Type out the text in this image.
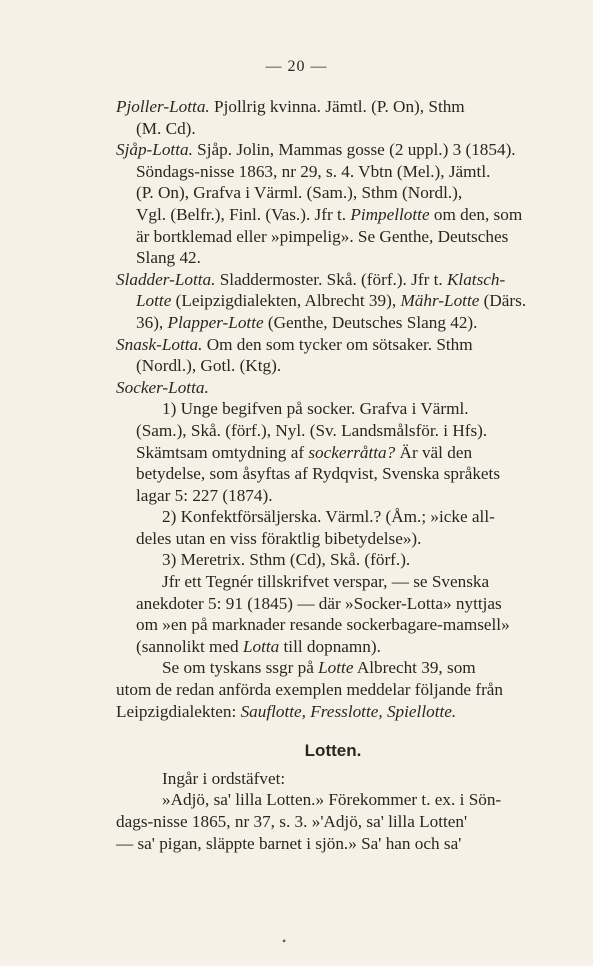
— 20 —
Pjoller-Lotta. Pjollrig kvinna. Jämtl. (P. On), Sthm
(M. Cd).
Sjåp-Lotta. Sjåp. Jolin, Mammas gosse (2 uppl.) 3 (1854).
Söndags-nisse 1863, nr 29, s. 4. Vbtn (Mel.), Jämtl.
(P. On), Grafva i Värml. (Sam.), Sthm (Nordl.),
Vgl. (Belfr.), Finl. (Vas.). Jfr t. Pimpellotte om den, som
är bortklemad eller »pimpelig». Se Genthe, Deutsches
Slang 42.
Sladder-Lotta. Sladdermoster. Skå. (förf.). Jfr t. Klatsch-
Lotte (Leipzigdialekten, Albrecht 39), Mähr-Lotte (Därs.
36), Plapper-Lotte (Genthe, Deutsches Slang 42).
Snask-Lotta. Om den som tycker om sötsaker. Sthm
(Nordl.), Gotl. (Ktg).
Socker-Lotta.
1) Unge begifven på socker. Grafva i Värml.
(Sam.), Skå. (förf.), Nyl. (Sv. Landsmålsför. i Hfs).
Skämtsam omtydning af sockerråtta? Är väl den
betydelse, som åsyftas af Rydqvist, Svenska språkets
lagar 5: 227 (1874).
2) Konfektförsäljerska. Värml.? (Åm.; »icke all-
deles utan en viss föraktlig bibetydelse»).
3) Meretrix. Sthm (Cd), Skå. (förf.).
Jfr ett Tegnér tillskrifvet verspar, — se Svenska
anekdoter 5: 91 (1845) — där »Socker-Lotta» nyttjas
om »en på marknader resande sockerbagare-mamsell»
(sannolikt med Lotta till dopnamn).
Se om tyskans ssgr på Lotte Albrecht 39, som
utom de redan anförda exemplen meddelar följande från
Leipzigdialekten: Sauflotte, Fresslotte, Spiellotte.
Lotten.
Ingår i ordstäfvet:
»Adjö, sa' lilla Lotten.» Förekommer t. ex. i Sön-
dags-nisse 1865, nr 37, s. 3. »'Adjö, sa' lilla Lotten'
— sa' pigan, släppte barnet i sjön.» Sa' han och sa'
•
